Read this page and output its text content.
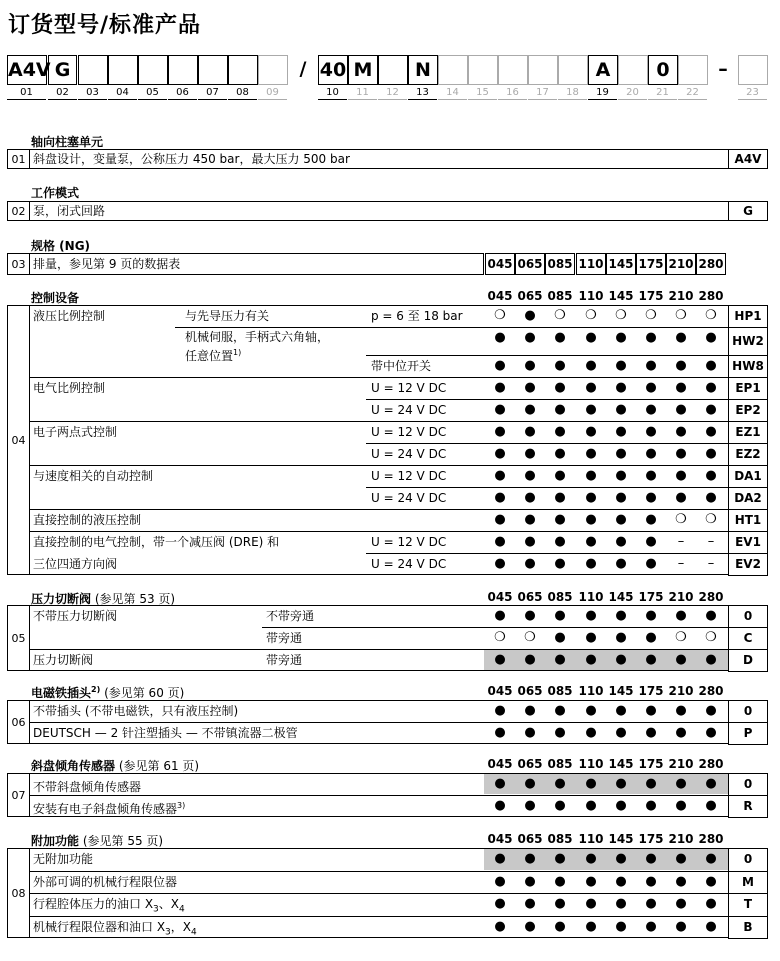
订货型号/标准产品
A4V G	/ 40 M	N	A	0	–
01	02	03	04	05	06	07	08	09	10	11	12	13	14	15	16	17	18	19	20	21	22	23
轴向柱塞单元
01 斜盘设计，变量泵，公称压力 450 bar，最大压力 500 bar	A4V
工作模式
02 泵，闭式回路	G
规格 (NG)
03 排量，参见第 9 页的数据表	045 065 085 110 145 175 210 280
控制设备	045 065 085 110 145 175 210 280
04
液压比例控制	与先导压力有关	p = 6 至 18 bar	❍	●	❍	❍	❍	❍	❍	❍	HP1
机械伺服，手柄式六角轴，
任意位置$^{1)}$
●	●	●	●	●	●	●	●	HW2
带中位开关	●	●	●	●	●	●	●	●	HW8
电气比例控制	U = 12 V DC	●	●	●	●	●	●	●	●	EP1
U = 24 V DC	●	●	●	●	●	●	●	●	EP2
电子两点式控制	U = 12 V DC	●	●	●	●	●	●	●	●	EZ1
U = 24 V DC	●	●	●	●	●	●	●	●	EZ2
与速度相关的自动控制	U = 12 V DC	●	●	●	●	●	●	●	●	DA1
U = 24 V DC	●	●	●	●	●	●	●	●	DA2
直接控制的液压控制	●	●	●	●	●	●	❍	❍	HT1
直接控制的电气控制，带一个减压阀 (DRE) 和	U = 12 V DC	●	●	●	●	●	●	–	–	EV1
三位四通方向阀	U = 24 V DC	●	●	●	●	●	●	–	–	EV2
压力切断阀 (参见第 53 页)	045 065 085 110 145 175 210 280
05
不带压力切断阀	不带旁通	●	●	●	●	●	●	●	●	0
带旁通	❍	❍	●	●	●	●	❍	❍	C
压力切断阀	带旁通	●	●	●	●	●	●	●	●	D
电磁铁插头$^{2)}$ (参见第 60 页)	045 065 085 110 145 175 210 280
06
不带插头 (不带电磁铁，只有液压控制)	●	●	●	●	●	●	●	●	0
DEUTSCH — 2 针注塑插头 — 不带镇流器二极管	●	●	●	●	●	●	●	●	P
斜盘倾角传感器 (参见第 61 页)	045 065 085 110 145 175 210 280
07
不带斜盘倾角传感器	●	●	●	●	●	●	●	●	0
安装有电子斜盘倾角传感器$^{3)}$	●	●	●	●	●	●	●	●	R
附加功能 (参见第 55 页)	045 065 085 110 145 175 210 280
08
无附加功能	●	●	●	●	●	●	●	●	0
外部可调的机械行程限位器	●	●	●	●	●	●	●	●	M
行程腔体压力的油口 $X_3$、$X_4$	●	●	●	●	●	●	●	●	T
机械行程限位器和油口 $X_3$，$X_4$	●	●	●	●	●	●	●	●	B
